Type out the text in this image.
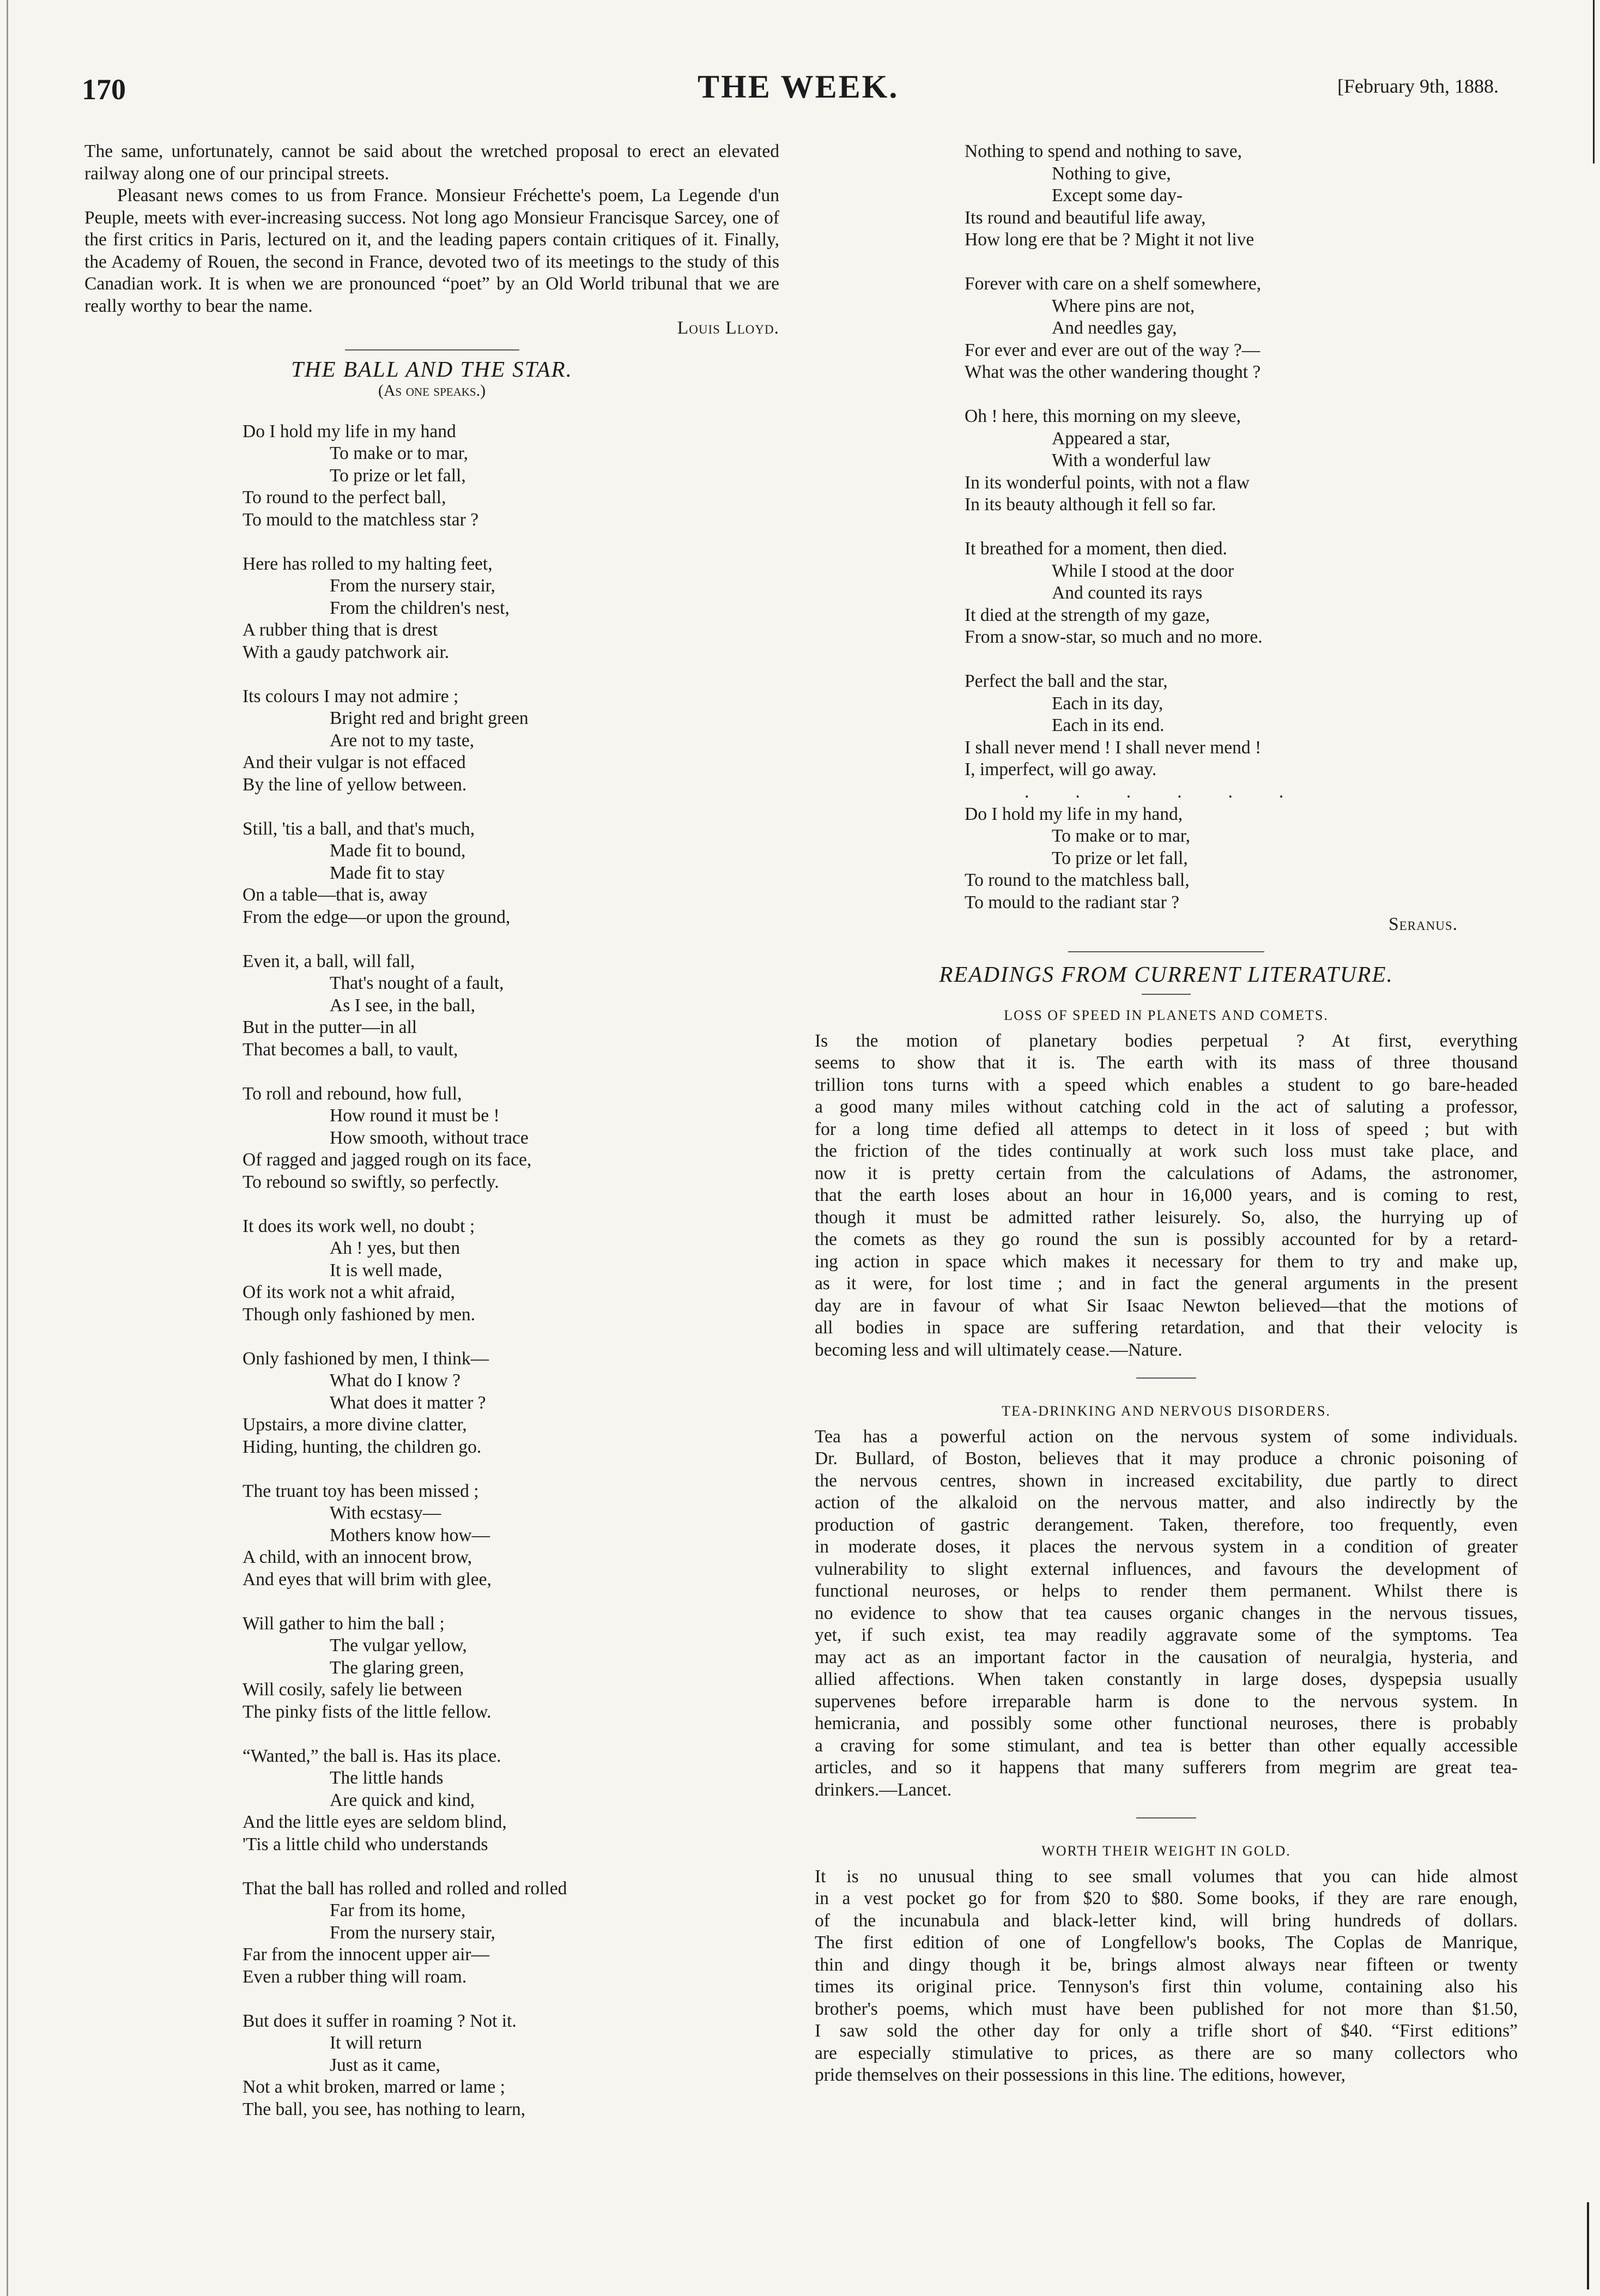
170	THE WEEK.	[February 9th, 1888.

The same, unfortunately, cannot be said about the wretched proposal to erect an elevated railway along one of our principal streets.

Pleasant news comes to us from France. Monsieur Fréchette's poem, La Legende d'un Peuple, meets with ever-increasing success. Not long ago Monsieur Francisque Sarcey, one of the first critics in Paris, lectured on it, and the leading papers contain critiques of it. Finally, the Academy of Rouen, the second in France, devoted two of its meetings to the study of this Canadian work. It is when we are pronounced “poet” by an Old World tribunal that we are really worthy to bear the name.

Louis Lloyd.

THE BALL AND THE STAR.

(As one speaks.)

Do I hold my life in my hand
To make or to mar,
To prize or let fall,
To round to the perfect ball,
To mould to the matchless star ?
Here has rolled to my halting feet,
From the nursery stair,
From the children's nest,
A rubber thing that is drest
With a gaudy patchwork air.
Its colours I may not admire ;
Bright red and bright green
Are not to my taste,
And their vulgar is not effaced
By the line of yellow between.
Still, 'tis a ball, and that's much,
Made fit to bound,
Made fit to stay
On a table—that is, away
From the edge—or upon the ground,
Even it, a ball, will fall,
That's nought of a fault,
As I see, in the ball,
But in the putter—in all
That becomes a ball, to vault,
To roll and rebound, how full,
How round it must be !
How smooth, without trace
Of ragged and jagged rough on its face,
To rebound so swiftly, so perfectly.
It does its work well, no doubt ;
Ah ! yes, but then
It is well made,
Of its work not a whit afraid,
Though only fashioned by men.
Only fashioned by men, I think—
What do I know ?
What does it matter ?
Upstairs, a more divine clatter,
Hiding, hunting, the children go.
The truant toy has been missed ;
With ecstasy—
Mothers know how—
A child, with an innocent brow,
And eyes that will brim with glee,
Will gather to him the ball ;
The vulgar yellow,
The glaring green,
Will cosily, safely lie between
The pinky fists of the little fellow.
“Wanted,” the ball is. Has its place.
The little hands
Are quick and kind,
And the little eyes are seldom blind,
'Tis a little child who understands
That the ball has rolled and rolled and rolled
Far from its home,
From the nursery stair,
Far from the innocent upper air—
Even a rubber thing will roam.
But does it suffer in roaming ? Not it.
It will return
Just as it came,
Not a whit broken, marred or lame ;
The ball, you see, has nothing to learn,
Nothing to spend and nothing to save,
Nothing to give,
Except some day-
Its round and beautiful life away,
How long ere that be ? Might it not live
Forever with care on a shelf somewhere,
Where pins are not,
And needles gay,
For ever and ever are out of the way ?—
What was the other wandering thought ?
Oh ! here, this morning on my sleeve,
Appeared a star,
With a wonderful law
In its wonderful points, with not a flaw
In its beauty although it fell so far.
It breathed for a moment, then died.
While I stood at the door
And counted its rays
It died at the strength of my gaze,
From a snow-star, so much and no more.
Perfect the ball and the star,
Each in its day,
Each in its end.
I shall never mend ! I shall never mend !
I, imperfect, will go away.
.        .        .        .        .        .
Do I hold my life in my hand,
To make or to mar,
To prize or let fall,
To round to the matchless ball,
To mould to the radiant star ?

Seranus.

READINGS FROM CURRENT LITERATURE.

LOSS OF SPEED IN PLANETS AND COMETS.

Is the motion of planetary bodies perpetual ? At first, everything

seems to show that it is. The earth with its mass of three thousand

trillion tons turns with a speed which enables a student to go bare-headed

a good many miles without catching cold in the act of saluting a professor,

for a long time defied all attemps to detect in it loss of speed ; but with

the friction of the tides continually at work such loss must take place, and

now it is pretty certain from the calculations of Adams, the astronomer,

that the earth loses about an hour in 16,000 years, and is coming to rest,

though it must be admitted rather leisurely. So, also, the hurrying up of

the comets as they go round the sun is possibly accounted for by a retard-

ing action in space which makes it necessary for them to try and make up,

as it were, for lost time ; and in fact the general arguments in the present

day are in favour of what Sir Isaac Newton believed—that the motions of

all bodies in space are suffering retardation, and that their velocity is

becoming less and will ultimately cease.—Nature.

TEA-DRINKING AND NERVOUS DISORDERS.

Tea has a powerful action on the nervous system of some individuals.

Dr. Bullard, of Boston, believes that it may produce a chronic poisoning of

the nervous centres, shown in increased excitability, due partly to direct

action of the alkaloid on the nervous matter, and also indirectly by the

production of gastric derangement. Taken, therefore, too frequently, even

in moderate doses, it places the nervous system in a condition of greater

vulnerability to slight external influences, and favours the development of

functional neuroses, or helps to render them permanent. Whilst there is

no evidence to show that tea causes organic changes in the nervous tissues,

yet, if such exist, tea may readily aggravate some of the symptoms. Tea

may act as an important factor in the causation of neuralgia, hysteria, and

allied affections. When taken constantly in large doses, dyspepsia usually

supervenes before irreparable harm is done to the nervous system. In

hemicrania, and possibly some other functional neuroses, there is probably

a craving for some stimulant, and tea is better than other equally accessible

articles, and so it happens that many sufferers from megrim are great tea-

drinkers.—Lancet.

WORTH THEIR WEIGHT IN GOLD.

It is no unusual thing to see small volumes that you can hide almost

in a vest pocket go for from $20 to $80. Some books, if they are rare enough,

of the incunabula and black-letter kind, will bring hundreds of dollars.

The first edition of one of Longfellow's books, The Coplas de Manrique,

thin and dingy though it be, brings almost always near fifteen or twenty

times its original price. Tennyson's first thin volume, containing also his

brother's poems, which must have been published for not more than $1.50,

I saw sold the other day for only a trifle short of $40. “First editions”

are especially stimulative to prices, as there are so many collectors who

pride themselves on their possessions in this line. The editions, however,
